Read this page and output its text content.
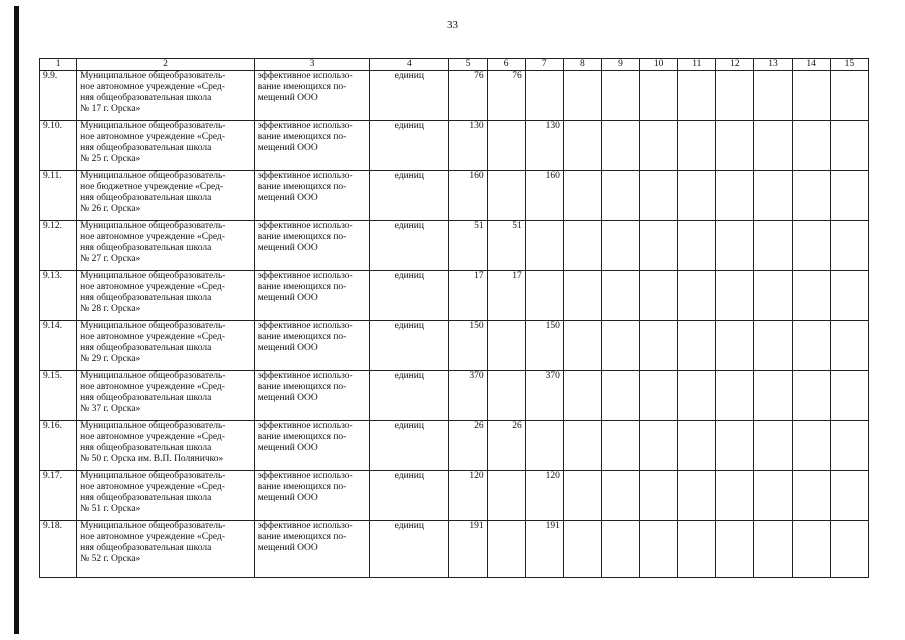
33
1	2	3	4	5	6	7	8	9	10	11	12	13	14	15
9.9.	Муниципальное общеобразователь-
ное автономное учреждение «Сред-
няя общеобразовательная школа
№ 17 г. Орска»	эффективное использо-
вание имеющихся по-
мещений ООО	единиц	76	76									
9.10.	Муниципальное общеобразователь-
ное автономное учреждение «Сред-
няя общеобразовательная школа
№ 25 г. Орска»	эффективное использо-
вание имеющихся по-
мещений ООО	единиц	130		130								
9.11.	Муниципальное общеобразователь-
ное бюджетное учреждение «Сред-
няя общеобразовательная школа
№ 26 г. Орска»	эффективное использо-
вание имеющихся по-
мещений ООО	единиц	160		160								
9.12.	Муниципальное общеобразователь-
ное автономное учреждение «Сред-
няя общеобразовательная школа
№ 27 г. Орска»	эффективное использо-
вание имеющихся по-
мещений ООО	единиц	51	51									
9.13.	Муниципальное общеобразователь-
ное автономное учреждение «Сред-
няя общеобразовательная школа
№ 28 г. Орска»	эффективное использо-
вание имеющихся по-
мещений ООО	единиц	17	17									
9.14.	Муниципальное общеобразователь-
ное автономное учреждение «Сред-
няя общеобразовательная школа
№ 29 г. Орска»	эффективное использо-
вание имеющихся по-
мещений ООО	единиц	150		150								
9.15.	Муниципальное общеобразователь-
ное автономное учреждение «Сред-
няя общеобразовательная школа
№ 37 г. Орска»	эффективное использо-
вание имеющихся по-
мещений ООО	единиц	370		370								
9.16.	Муниципальное общеобразователь-
ное автономное учреждение «Сред-
няя общеобразовательная школа
№ 50 г. Орска им. В.П. Поляничко»	эффективное использо-
вание имеющихся по-
мещений ООО	единиц	26	26									
9.17.	Муниципальное общеобразователь-
ное автономное учреждение «Сред-
няя общеобразовательная школа
№ 51 г. Орска»	эффективное использо-
вание имеющихся по-
мещений ООО	единиц	120		120								
9.18.	Муниципальное общеобразователь-
ное автономное учреждение «Сред-
няя общеобразовательная школа
№ 52 г. Орска»	эффективное использо-
вание имеющихся по-
мещений ООО	единиц	191		191								
